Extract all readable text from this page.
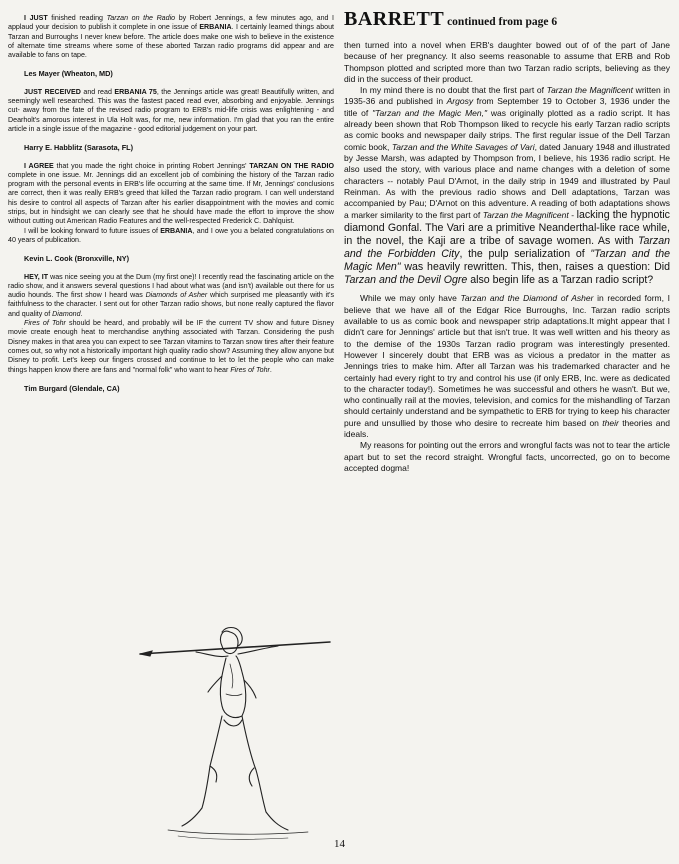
I JUST finished reading Tarzan on the Radio by Robert Jennings, a few minutes ago, and I applaud your decision to publish it complete in one issue of ERBANIA. I certainly learned things about Tarzan and Burroughs I never knew before. The article does make one wish to believe in the existence of alternate time streams where some of these aborted Tarzan radio programs did appear and are available to fans on tape.

Les Mayer (Wheaton, MD)

JUST RECEIVED and read ERBANIA 75, the Jennings article was great! Beautifully written, and seemingly well researched. This was the fastest paced read ever, absorbing and enjoyable. Jennings cut- away from the fate of the revised radio program to ERB's mid-life crisis was enlightening - and Dearholt's amorous interest in Ula Holt was, for me, new information. I'm glad that you ran the entire article in a single issue of the magazine - good editorial judgement on your part.

Harry E. Habblitz (Sarasota, FL)

I AGREE that you made the right choice in printing Robert Jennings' TARZAN ON THE RADIO complete in one issue. Mr. Jennings did an excellent job of combining the history of the Tarzan radio program with the personal events in ERB's life occurring at the same time. If Mr, Jennings' conclusions are correct, then it was really ERB's greed that killed the Tarzan radio program. I can well understand his desire to control all aspects of Tarzan after his earlier disappointment with the movies and comic strips, but in hindsight we can clearly see that he should have made the effort to improve the show without cutting out American Radio Features and the well-respected Frederick C. Dahlquist.

I will be looking forward to future issues of ERBANIA, and I owe you a belated congratulations on 40 years of publication.

Kevin L. Cook (Bronxville, NY)

HEY, IT was nice seeing you at the Dum (my first one)! I recently read the fascinating article on the radio show, and it answers several questions I had about what was (and isn't) available out there for us audio hounds. The first show I heard was Diamonds of Asher which surprised me pleasantly with it's faithfulness to the character. I sent out for other Tarzan radio shows, but none really captured the flavor and quality of Diamond.

Fires of Tohr should be heard, and probably will be IF the current TV show and future Disney movie create enough heat to merchandise anything associated with Tarzan. Considering the push Disney makes in that area you can expect to see Tarzan vitamins to Tarzan snow tires after their feature comes out, so why not a historically important high quality radio show? Assuming they allow anyone but Disney to profit. Let's keep our fingers crossed and continue to let to let the people who can make things happen know there are fans and "normal folk" who want to hear Fires of Tohr.

Tim Burgard (Glendale, CA)

BARRETT continued from page 6

then turned into a novel when ERB's daughter bowed out of of the part of Jane because of her pregnancy. It also seems reasonable to assume that ERB and Rob Thompson plotted and scripted more than two Tarzan radio scripts, believing as they did in the success of their product.

In my mind there is no doubt that the first part of Tarzan the Magnificent written in 1935-36 and published in Argosy from September 19 to October 3, 1936 under the title of "Tarzan and the Magic Men," was originally plotted as a radio script. It has already been shown that Rob Thompson liked to recycle his early Tarzan radio scripts as comic books and newspaper daily strips. The first regular issue of the Dell Tarzan comic book, Tarzan and the White Savages of Vari, dated January 1948 and illustrated by Jesse Marsh, was adapted by Thompson from, I believe, his 1936 radio script. He also used the story, with various place and name changes with a deletion of some characters -- notably Paul D'Arnot, in the daily strip in 1949 and illustrated by Paul Reinman. As with the previous radio shows and Dell adaptations, Tarzan was accompanied by Pau; D'Arnot on this adventure. A reading of both adaptations shows a marker similarity to the first part of Tarzan the Magnificent - lacking the hypnotic diamond Gonfal. The Vari are a primitive Neanderthal-like race while, in the novel, the Kaji are a tribe of savage women. As with Tarzan and the Forbidden City, the pulp serialization of "Tarzan and the Magic Men" was heavily rewritten. This, then, raises a question: Did Tarzan and the Devil Ogre also begin life as a Tarzan radio script?

While we may only have Tarzan and the Diamond of Asher in recorded form, I believe that we have all of the Edgar Rice Burroughs, Inc. Tarzan radio scripts available to us as comic book and newspaper strip adaptations.It might appear that I didn't care for Jennings' article but that isn't true. It was well written and his theory as to the demise of the 1930s Tarzan radio program was interestingly presented. However I sincerely doubt that ERB was as vicious a predator in the matter as Jennings tries to make him. After all Tarzan was his trademarked character and he certainly had every right to try and control his use (if only ERB, Inc. were as dedicated to the character today!). Sometimes he was successful and others he wasn't. But we, who continually rail at the movies, television, and comics for the mishandling of Tarzan should certainly understand and be sympathetic to ERB for trying to keep his character pure and unsullied by those who desire to recreate him based on their theories and ideals.

My reasons for pointing out the errors and wrongful facts was not to tear the article apart but to set the record straight. Wrongful facts, uncorrected, go on to become accepted dogma!

14
